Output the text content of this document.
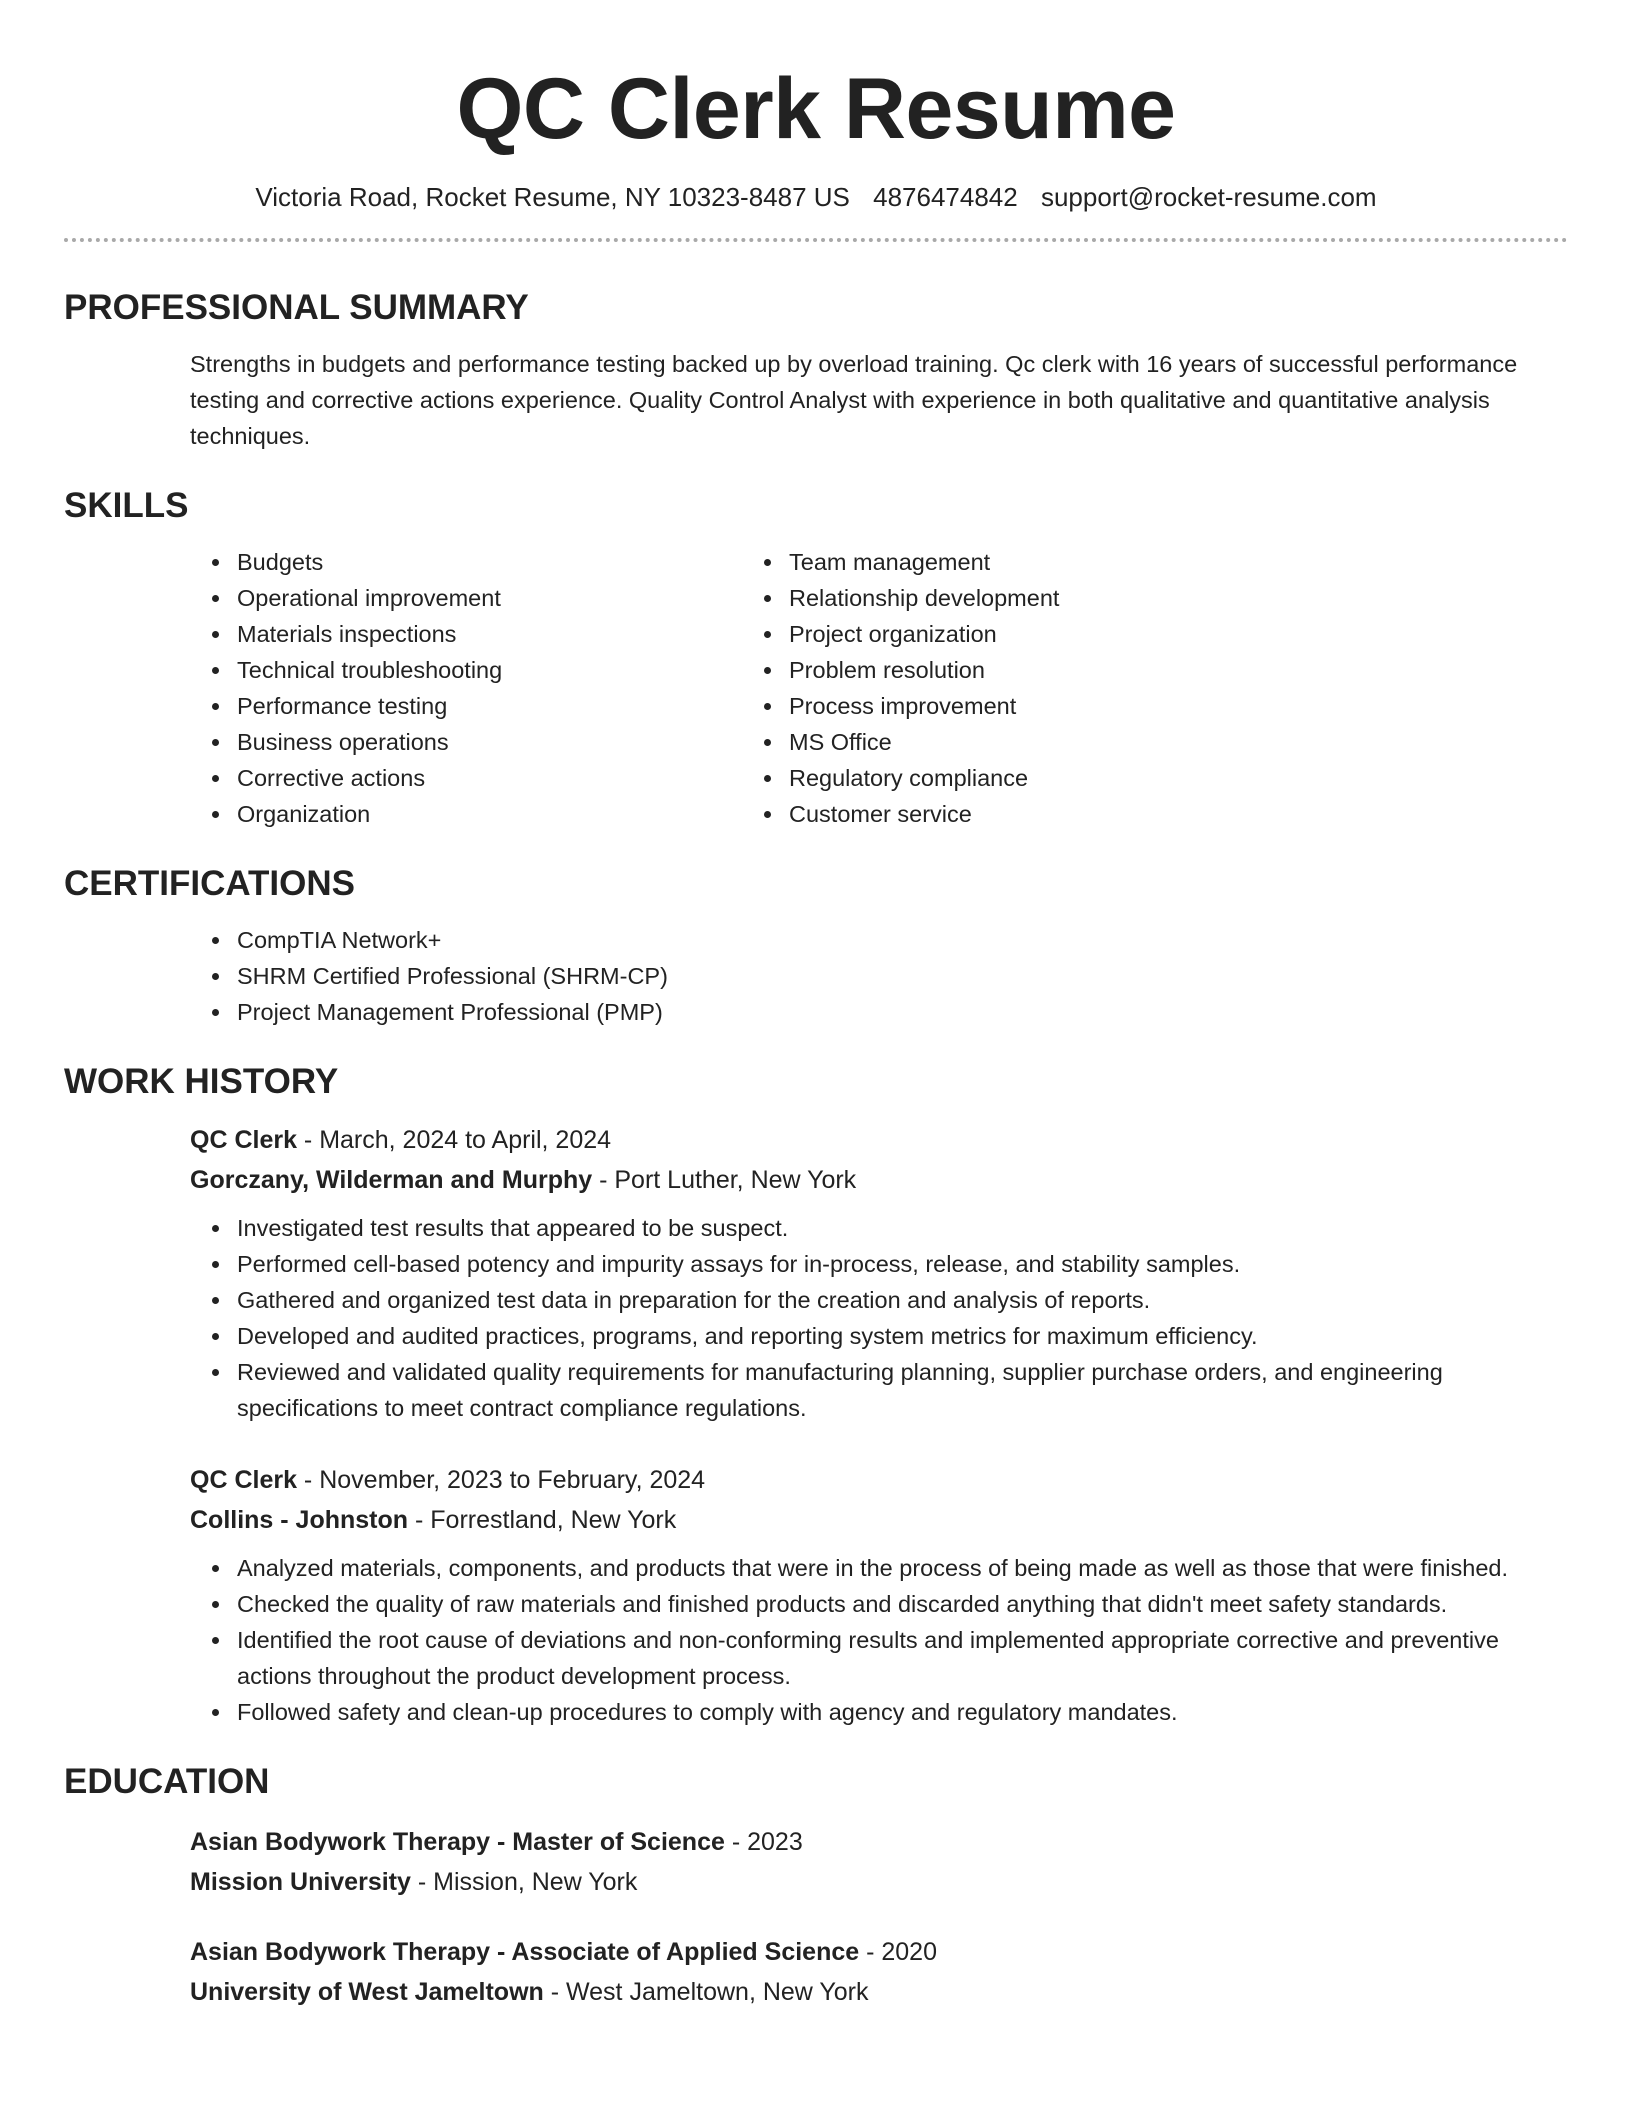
QC Clerk Resume
Victoria Road, Rocket Resume, NY 10323-8487 US 4876474842 support@rocket-resume.com
PROFESSIONAL SUMMARY

Strengths in budgets and performance testing backed up by overload training. Qc clerk with 16 years of successful performance testing and corrective actions experience. Quality Control Analyst with experience in both qualitative and quantitative analysis techniques.

SKILLS
• Budgets
• Operational improvement
• Materials inspections
• Technical troubleshooting
• Performance testing
• Business operations
• Corrective actions
• Organization
• Team management
• Relationship development
• Project organization
• Problem resolution
• Process improvement
• MS Office
• Regulatory compliance
• Customer service
CERTIFICATIONS
• CompTIA Network+
• SHRM Certified Professional (SHRM-CP)
• Project Management Professional (PMP)
WORK HISTORY
QC Clerk - March, 2024 to April, 2024
Gorczany, Wilderman and Murphy - Port Luther, New York
• Investigated test results that appeared to be suspect.
• Performed cell-based potency and impurity assays for in-process, release, and stability samples.
• Gathered and organized test data in preparation for the creation and analysis of reports.
• Developed and audited practices, programs, and reporting system metrics for maximum efficiency.
• Reviewed and validated quality requirements for manufacturing planning, supplier purchase orders, and engineering specifications to meet contract compliance regulations.
QC Clerk - November, 2023 to February, 2024
Collins - Johnston - Forrestland, New York
• Analyzed materials, components, and products that were in the process of being made as well as those that were finished.
• Checked the quality of raw materials and finished products and discarded anything that didn't meet safety standards.
• Identified the root cause of deviations and non-conforming results and implemented appropriate corrective and preventive actions throughout the product development process.
• Followed safety and clean-up procedures to comply with agency and regulatory mandates.
EDUCATION
Asian Bodywork Therapy - Master of Science - 2023
Mission University - Mission, New York
Asian Bodywork Therapy - Associate of Applied Science - 2020
University of West Jameltown - West Jameltown, New York
